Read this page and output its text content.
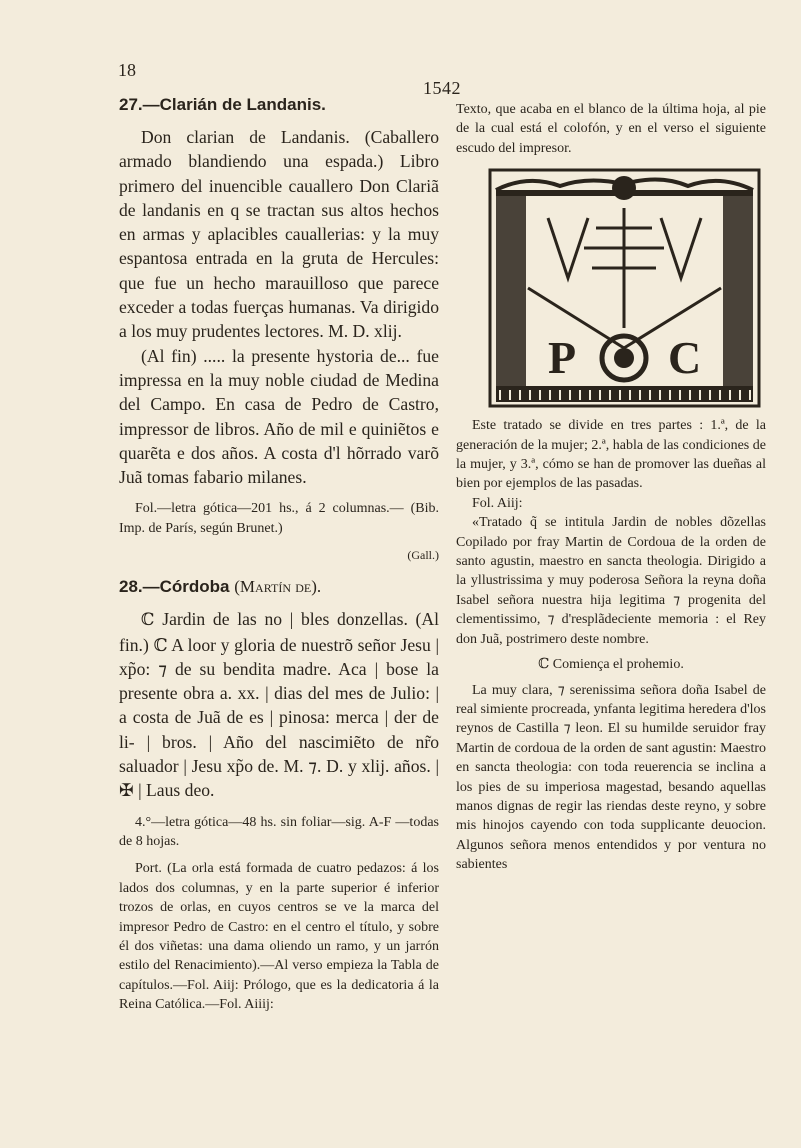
18
1542

27.—Clarián de Landanis.

Don clarian de Landanis. (Caballero armado blandiendo una espada.) Libro primero del inuencible cauallero Don Clariã de landanis en q se tractan sus altos hechos en armas y aplacibles cauallerias: y la muy espantosa entrada en la gruta de Hercules: que fue un hecho marauilloso que parece exceder a todas fuerças humanas. Va dirigido a los muy prudentes lectores. M. D. xlij.

(Al fin) ..... la presente hystoria de... fue impressa en la muy noble ciudad de Medina del Campo. En casa de Pedro de Castro, impressor de libros. Año de mil e quiniẽtos e quarẽta e dos años. A costa d'l hõrrado varõ Juã tomas fabario milanes.

Fol.—letra gótica—201 hs., á 2 columnas.— (Bib. Imp. de París, según Brunet.)

(Gall.)

28.—Córdoba (Martín de).

ℂ Jardin de las no | bles donzellas. (Al fin.) ℂ A loor y gloria de nuestrõ señor Jesu | xp̃o: ⁊ de su bendita madre. Aca | bose la presente obra a. xx. | dias del mes de Julio: | a costa de Juã de es | pinosa: merca | der de li- | bros. | Año del nascimiẽto de nr̃o saluador | Jesu xp̃o de. M. ⁊. D. y xlij. años. | ✠ | Laus deo.

4.°—letra gótica—48 hs. sin foliar—sig. A-F —todas de 8 hojas.

Port. (La orla está formada de cuatro pedazos: á los lados dos columnas, y en la parte superior é inferior trozos de orlas, en cuyos centros se ve la marca del impresor Pedro de Castro: en el centro el título, y sobre él dos viñetas: una dama oliendo un ramo, y un jarrón estilo del Renacimiento).—Al verso empieza la Tabla de capítulos.—Fol. Aiij: Prólogo, que es la dedicatoria á la Reina Católica.—Fol. Aiiij:

Texto, que acaba en el blanco de la última hoja, al pie de la cual está el colofón, y en el verso el siguiente escudo del impresor.

P C

Este tratado se divide en tres partes : 1.ª, de la generación de la mujer; 2.ª, habla de las condiciones de la mujer, y 3.ª, cómo se han de promover las dueñas al bien por ejemplos de las pasadas.

Fol. Aiij:

«Tratado q̃ se intitula Jardin de nobles dõzellas Copilado por fray Martin de Cordoua de la orden de santo agustin, maestro en sancta theologia. Dirigido a la yllustrissima y muy poderosa Señora la reyna doña Isabel señora nuestra hija legitima ⁊ progenita del clementissimo, ⁊ d'resplãdeciente memoria : el Rey don Juã, postrimero deste nombre.

ℂ Comiença el prohemio.

La muy clara, ⁊ serenissima señora doña Isabel de real simiente procreada, ynfanta legitima heredera d'los reynos de Castilla ⁊ leon. El su humilde seruidor fray Martin de cordoua de la orden de sant agustin: Maestro en sancta theologia: con toda reuerencia se inclina a los pies de su imperiosa magestad, besando aquellas manos dignas de regir las riendas deste reyno, y sobre mis hinojos cayendo con toda supplicante deuocion. Algunos señora menos entendidos y por ventura no sabientes
